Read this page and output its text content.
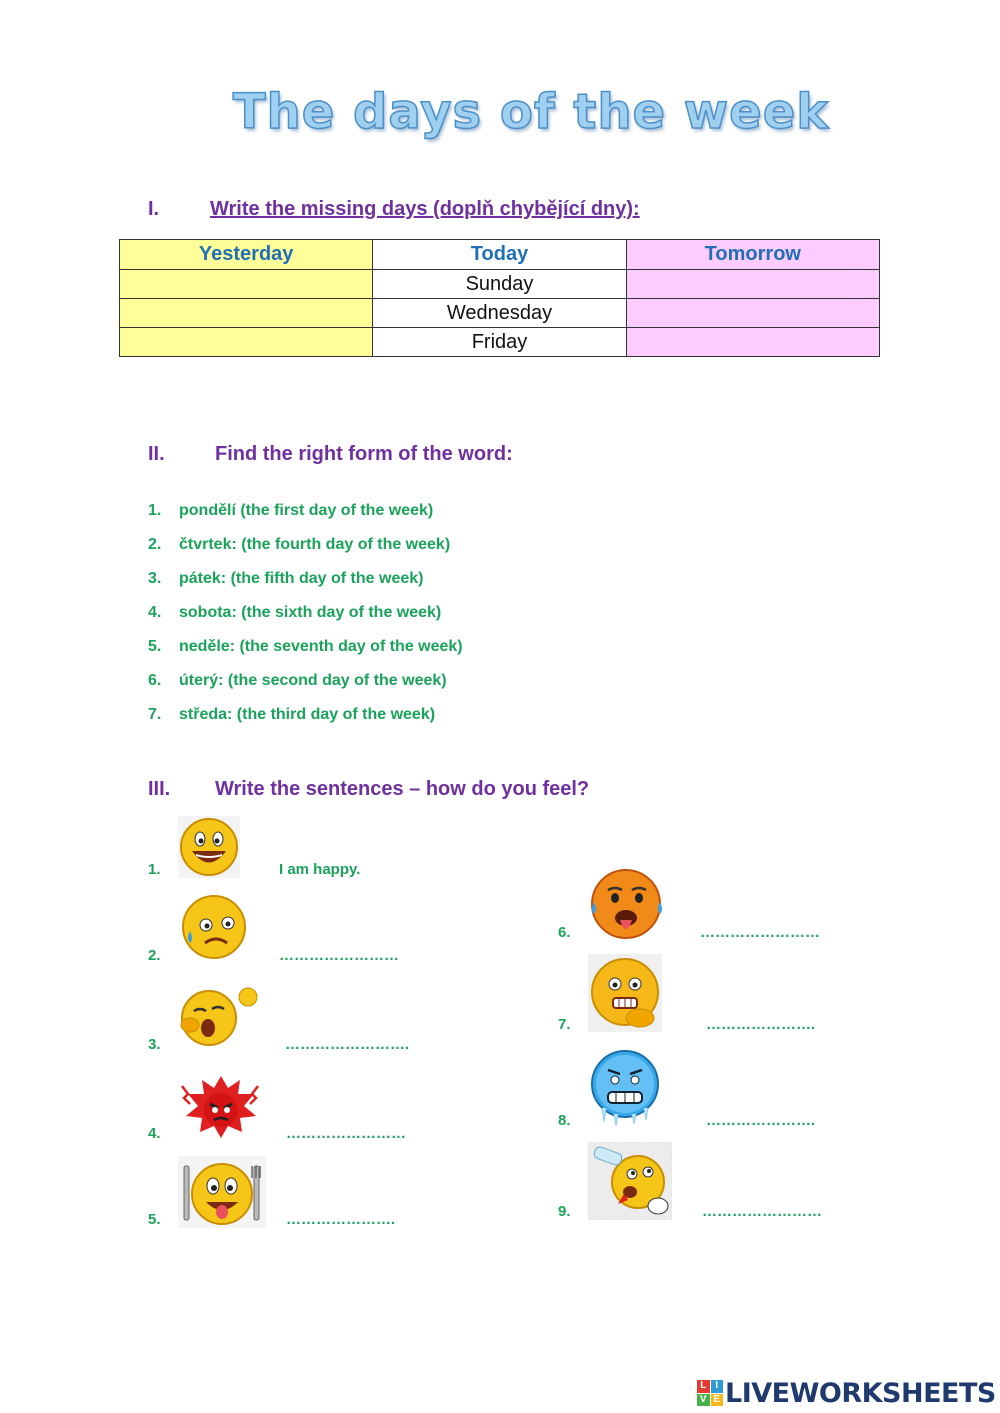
The days of the week
I.	Write the missing days (doplň chybějící dny):
Yesterday	Today	Tomorrow
	Sunday	
	Wednesday	
	Friday	
II.	Find the right form of the word:
1. pondělí (the first day of the week)
2. čtvrtek: (the fourth day of the week)
3. pátek: (the fifth day of the week)
4. sobota: (the sixth day of the week)
5. neděle: (the seventh day of the week)
6. úterý: (the second day of the week)
7. středa: (the third day of the week)
III. Write the sentences – how do you feel?
1.	I am happy.
2.	……………………
3.	…………………….
4.	……………………
5.	………………….
6.	……………………
7.	………………….
8.	………………….
9.	……………………
L I
V E LIVEWORKSHEETS
